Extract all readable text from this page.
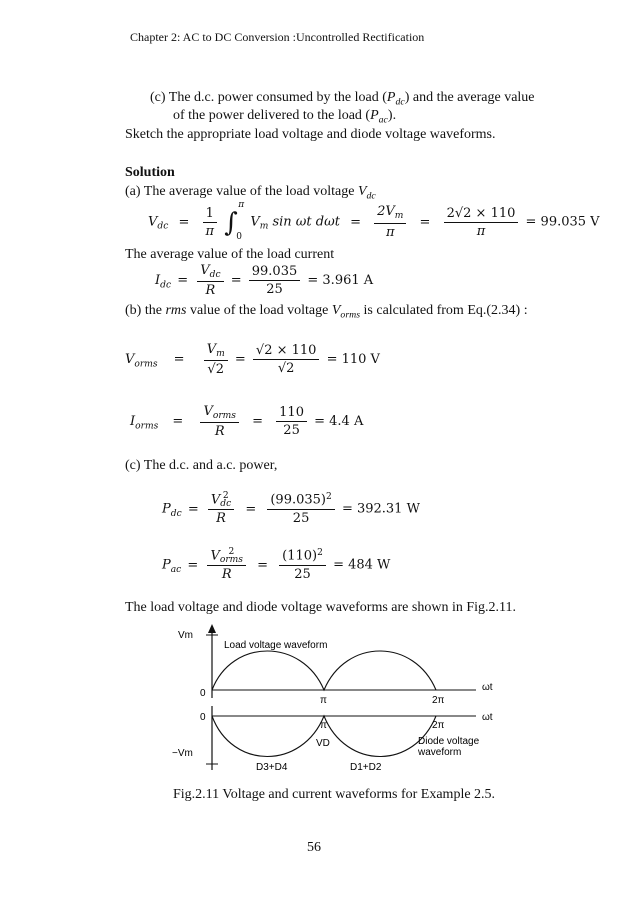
Chapter 2: AC to DC Conversion :Uncontrolled Rectification
(c) The d.c. power consumed by the load $(P_{dc})$ and the average value
of the power delivered to the load $(P_{ac})$.
Sketch the appropriate load voltage and diode voltage waveforms.
Solution
(a) The average value of the load voltage $V_{dc}$
$V_{dc} = \frac{1}{\pi}$
∫
π
0
$V_m$ sin ωt $d\omega t = \frac{2V_m}{\pi} = \frac{2√2 \times 110}{\pi} = 99.035$ V
The average value of the load current
$I_{dc} = \frac{V_{dc}}{R} = \frac{99.035}{25} = 3.961$ A
(b) the rms value of the load voltage $V_{orms}$ is calculated from Eq.(2.34) :
$V_{orms} = \frac{V_m}{√2} = \frac{√2 \times 110}{√2} = 110$ V
$I_{orms} = \frac{V_{orms}}{R} = \frac{110}{25} = 4.4$ A
(c) The d.c. and a.c. power,
$P_{dc} = V$ 2
dc
$R = \frac{(99.035)^2}{25} = 392.31$ W
$P_{ac} = V$ 2
orms
$R = \frac{(110)^2}{25} = 484$ W
The load voltage and diode voltage waveforms are shown in Fig.2.11.
Vm
Load voltage waveform
0
π	2π
ωt
0
π	2π
ωt
−Vm
VD	Diode voltage
waveform
D3+D4	D1+D2
Fig.2.11 Voltage and current waveforms for Example 2.5.
56
